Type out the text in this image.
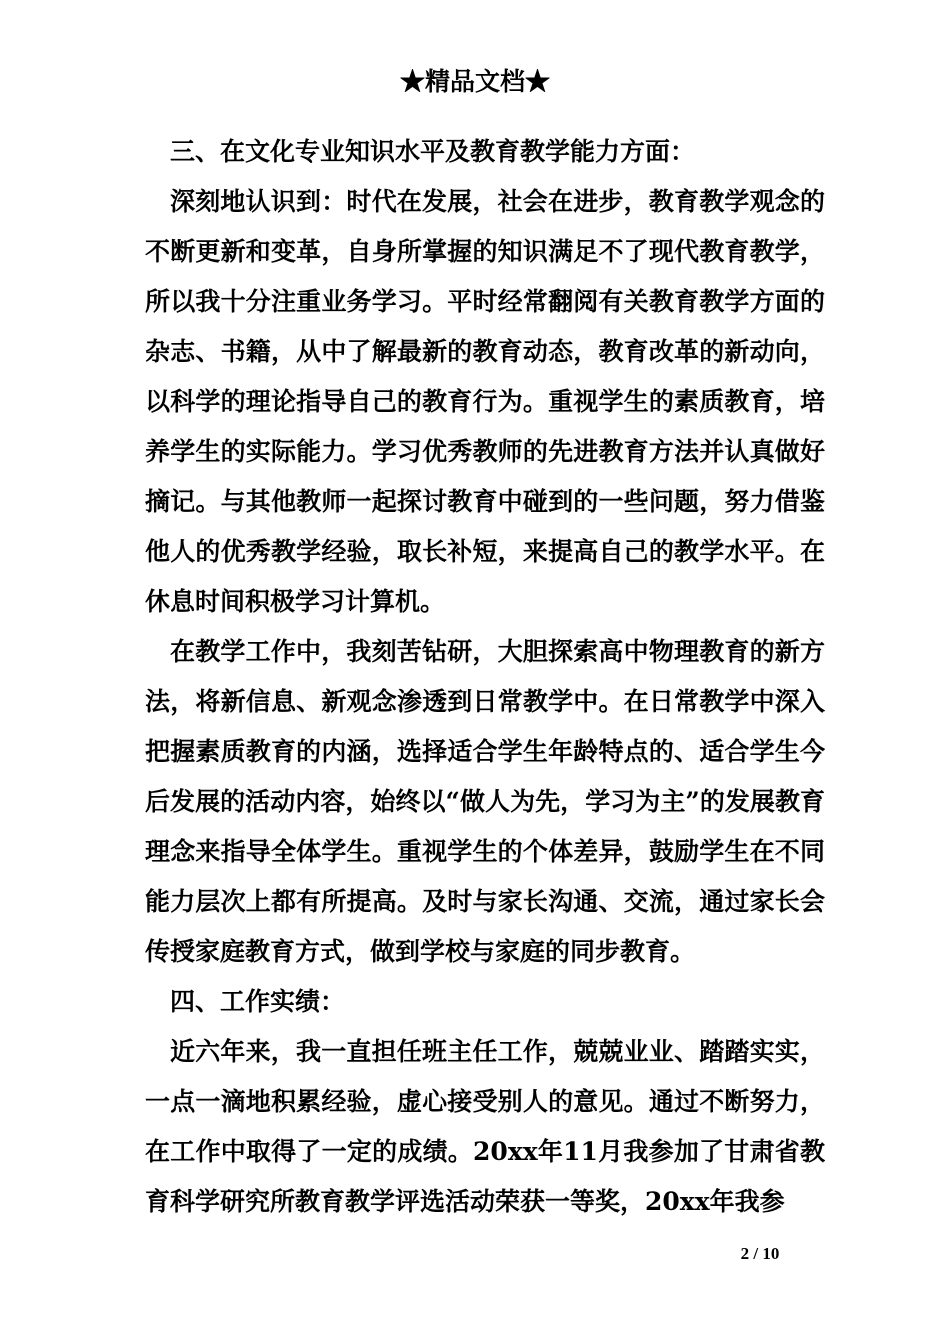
★精品文档★

三、在文化专业知识水平及教育教学能力方面：

深刻地认识到：时代在发展，社会在进步，教育教学观念的不断更新和变革，自身所掌握的知识满足不了现代教育教学，所以我十分注重业务学习。平时经常翻阅有关教育教学方面的杂志、书籍，从中了解最新的教育动态，教育改革的新动向，以科学的理论指导自己的教育行为。重视学生的素质教育，培养学生的实际能力。学习优秀教师的先进教育方法并认真做好摘记。与其他教师一起探讨教育中碰到的一些问题，努力借鉴他人的优秀教学经验，取长补短，来提高自己的教学水平。在休息时间积极学习计算机。

在教学工作中，我刻苦钻研，大胆探索高中物理教育的新方法，将新信息、新观念渗透到日常教学中。在日常教学中深入把握素质教育的内涵，选择适合学生年龄特点的、适合学生今后发展的活动内容，始终以“做人为先，学习为主”的发展教育理念来指导全体学生。重视学生的个体差异，鼓励学生在不同能力层次上都有所提高。及时与家长沟通、交流，通过家长会传授家庭教育方式，做到学校与家庭的同步教育。

四、工作实绩：

近六年来，我一直担任班主任工作，兢兢业业、踏踏实实，一点一滴地积累经验，虚心接受别人的意见。通过不断努力，在工作中取得了一定的成绩。20xx年11月我参加了甘肃省教育科学研究所教育教学评选活动荣获一等奖，20xx年我参

2 / 10
